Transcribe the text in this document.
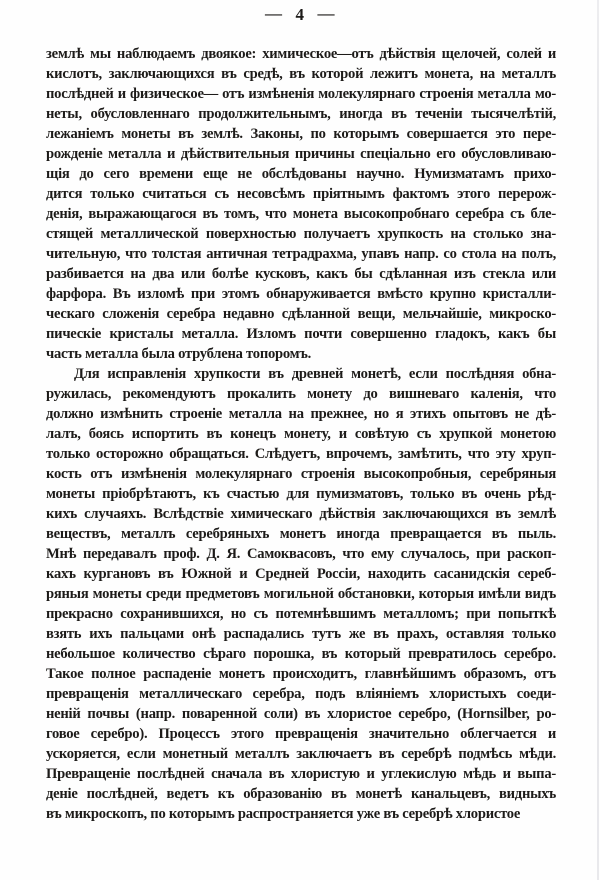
— 4 —
землѣ мы наблюдаемъ двоякое: химическое—отъ дѣйствія щелочей, солей и
кислотъ, заключающихся въ средѣ, въ которой лежитъ монета, на металлъ
послѣдней и физическое— отъ измѣненія молекулярнаго строенія металла мо-
неты, обусловленнаго продолжительнымъ, иногда въ теченіи тысячелѣтій,
лежаніемъ монеты въ землѣ. Законы, по которымъ совершается это пере-
рожденіе металла и дѣйствительныя причины спеціально его обусловливаю-
щія до сего времени еще не обслѣдованы научно. Нумизматамъ прихо-
дится только считаться съ несовсѣмъ пріятнымъ фактомъ этого перерож-
денія, выражающагося въ томъ, что монета высокопробнаго серебра съ бле-
стящей металлической поверхностью получаетъ хрупкость на столько зна-
чительную, что толстая античная тетрадрахма, упавъ напр. со стола на полъ,
разбивается на два или болѣе кусковъ, какъ бы сдѣланная изъ стекла или
фарфора. Въ изломѣ при этомъ обнаруживается вмѣсто крупно кристалли-
ческаго сложенія серебра недавно сдѣланной вещи, мельчайшіе, микроско-
пическіе кристалы металла. Изломъ почти совершенно гладокъ, какъ бы
часть металла была отрублена топоромъ.
Для исправленія хрупкости въ древней монетѣ, если послѣдняя обна-
ружилась, рекомендуютъ прокалить монету до вишневаго каленія, что
должно измѣнить строеніе металла на прежнее, но я этихъ опытовъ не дѣ-
лалъ, боясь испортить въ конецъ монету, и совѣтую съ хрупкой монетою
только осторожно обращаться. Слѣдуетъ, впрочемъ, замѣтить, что эту хруп-
кость отъ измѣненія молекулярнаго строенія высокопробныя, серебряныя
монеты пріобрѣтаютъ, къ счастью для пумизматовъ, только въ очень рѣд-
кихъ случаяхъ. Вслѣдствіе химическаго дѣйствія заключающихся въ землѣ
веществъ, металлъ серебряныхъ монетъ иногда превращается въ пыль.
Мнѣ передавалъ проф. Д. Я. Самоквасовъ, что ему случалось, при раскоп-
кахъ кургановъ въ Южной и Средней Россіи, находить сасанидскія сереб-
ряныя монеты среди предметовъ могильной обстановки, которыя имѣли видъ
прекрасно сохранившихся, но съ потемнѣвшимъ металломъ; при попыткѣ
взять ихъ пальцами онѣ распадались тутъ же въ прахъ, оставляя только
небольшое количество сѣраго порошка, въ который превратилось серебро.
Такое полное распаденіе монетъ происходитъ, главнѣйшимъ образомъ, отъ
превращенія металлическаго серебра, подъ вліяніемъ хлористыхъ соеди-
неній почвы (напр. поваренной соли) въ хлористое серебро, (Hornsilber, ро-
говое серебро). Процессъ этого превращенія значительно облегчается и
ускоряется, если монетный металлъ заключаетъ въ серебрѣ подмѣсь мѣди.
Превращеніе послѣдней сначала въ хлористую и углекислую мѣдь и выпа-
деніе послѣдней, ведетъ къ образованію въ монетѣ канальцевъ, видныхъ
въ микроскопъ, по которымъ распространяется уже въ серебрѣ хлористое
